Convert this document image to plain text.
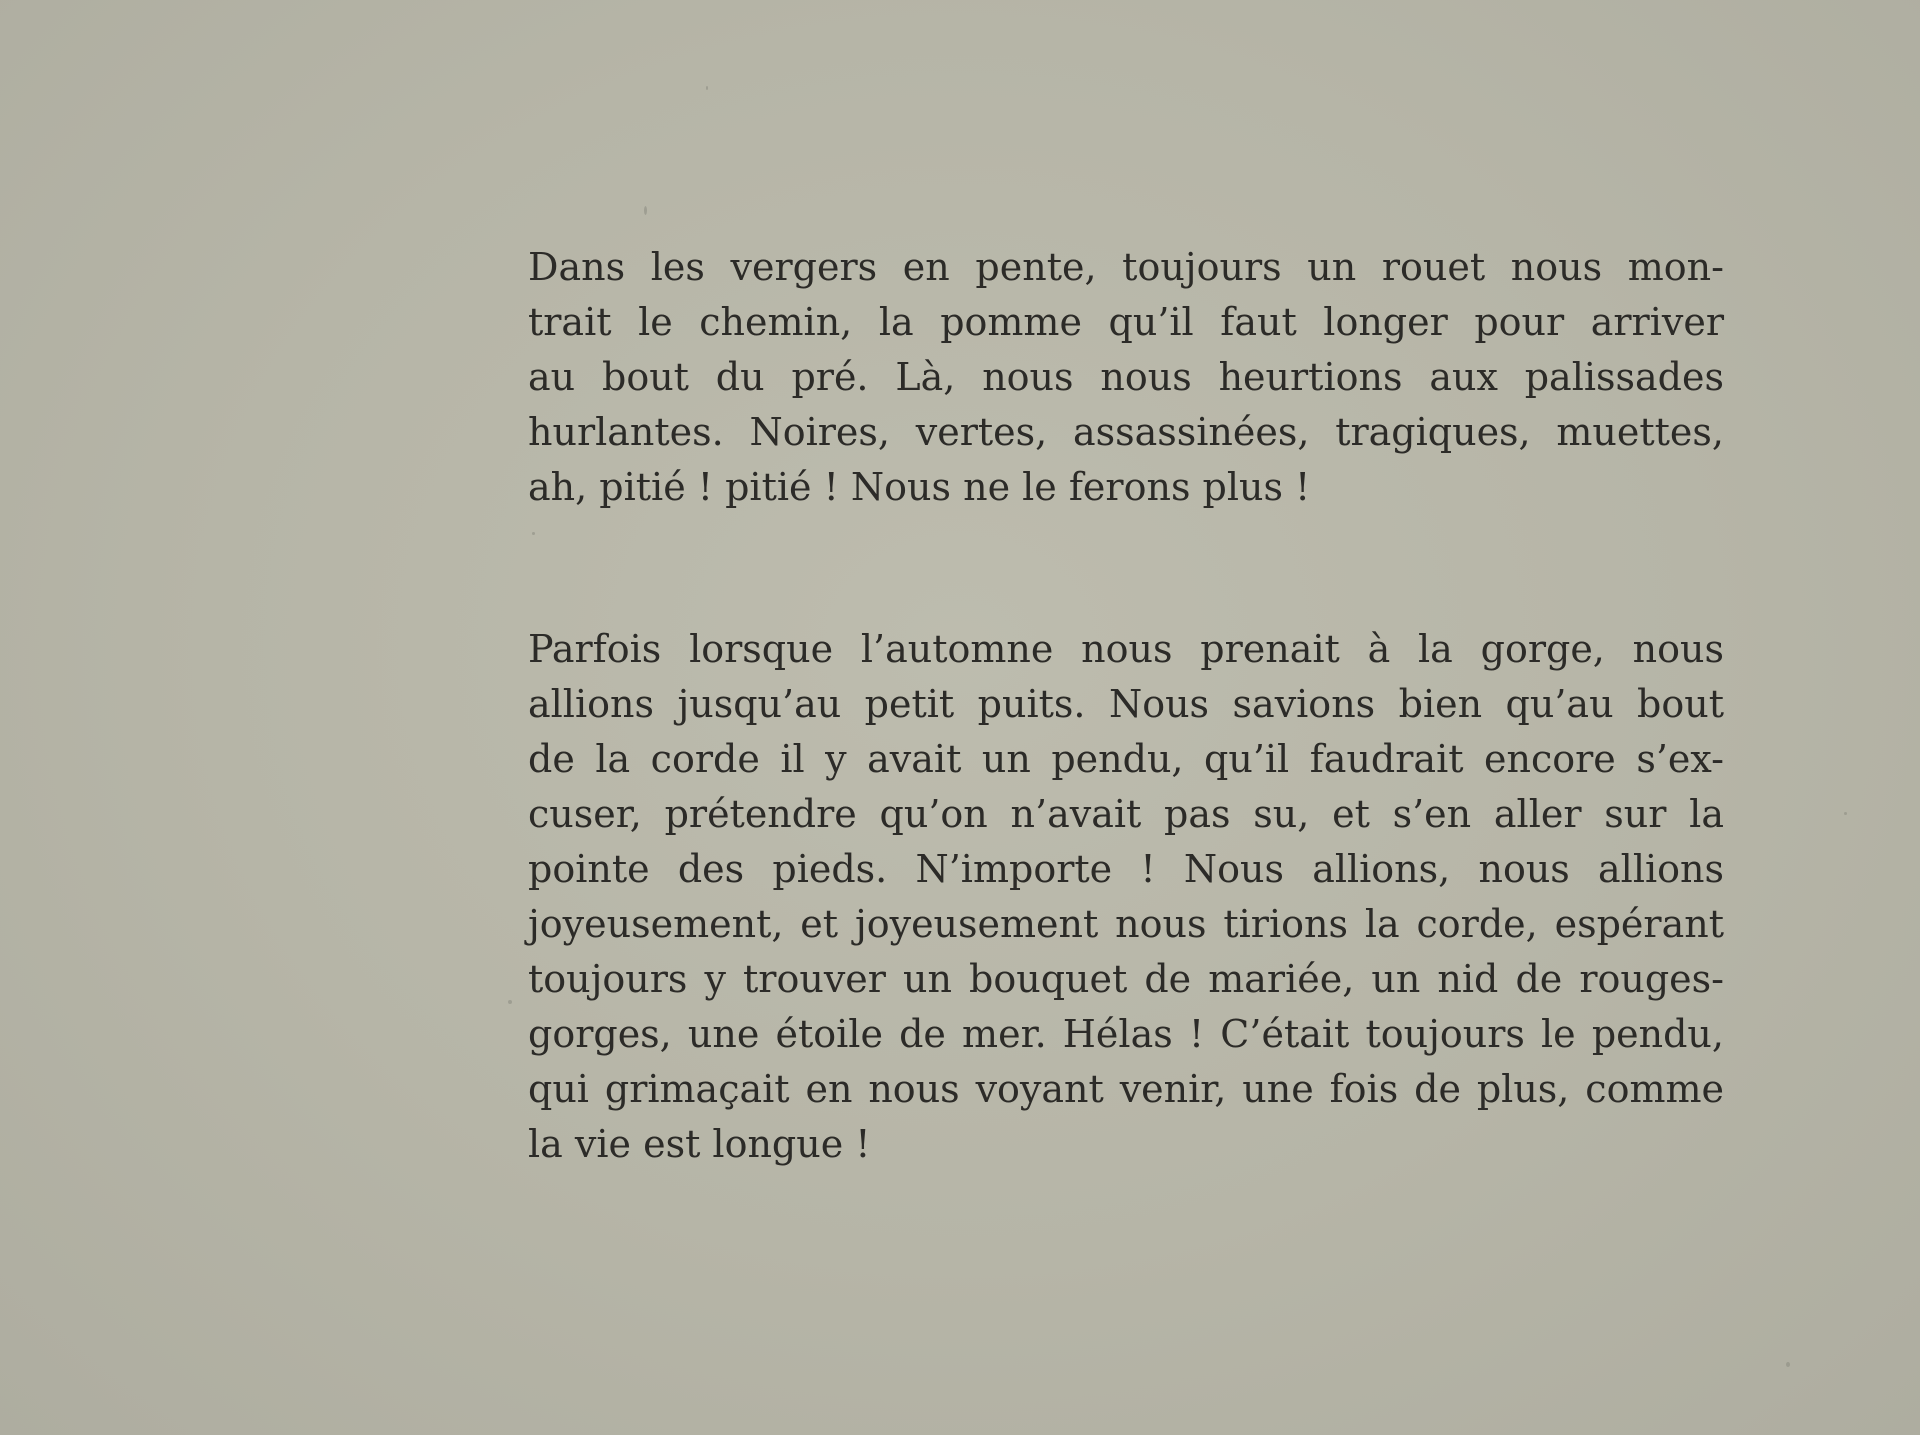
Dans les vergers en pente, toujours un rouet nous mon-
trait le chemin, la pomme qu’il faut longer pour arriver
au bout du pré. Là, nous nous heurtions aux palissades
hurlantes. Noires, vertes, assassinées, tragiques, muettes,
ah, pitié ! pitié ! Nous ne le ferons plus !
Parfois lorsque l’automne nous prenait à la gorge, nous
allions jusqu’au petit puits. Nous savions bien qu’au bout
de la corde il y avait un pendu, qu’il faudrait encore s’ex-
cuser, prétendre qu’on n’avait pas su, et s’en aller sur la
pointe des pieds. N’importe ! Nous allions, nous allions
joyeusement, et joyeusement nous tirions la corde, espérant
toujours y trouver un bouquet de mariée, un nid de rouges-
gorges, une étoile de mer. Hélas ! C’était toujours le pendu,
qui grimaçait en nous voyant venir, une fois de plus, comme
la vie est longue !
